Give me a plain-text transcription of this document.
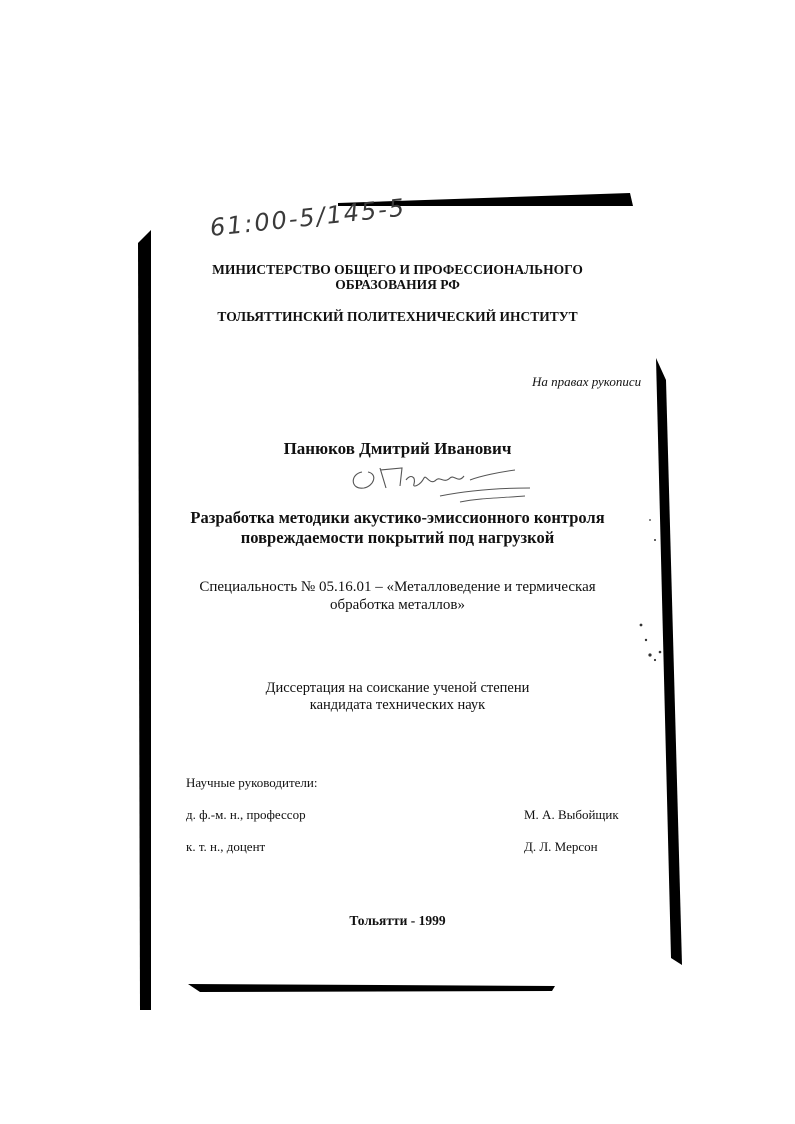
61:00-5/145-5
МИНИСТЕРСТВО ОБЩЕГО И ПРОФЕССИОНАЛЬНОГО
ОБРАЗОВАНИЯ РФ
ТОЛЬЯТТИНСКИЙ ПОЛИТЕХНИЧЕСКИЙ ИНСТИТУТ
На правах рукописи
Панюков Дмитрий Иванович
Разработка методики акустико-эмиссионного контроля
повреждаемости покрытий под нагрузкой
Специальность № 05.16.01 – «Металловедение и термическая
обработка металлов»
Диссертация на соискание ученой степени
кандидата технических наук
Научные руководители:
д. ф.-м. н., профессор	М. А. Выбойщик
к. т. н., доцент	Д. Л. Мерсон
Тольятти - 1999
